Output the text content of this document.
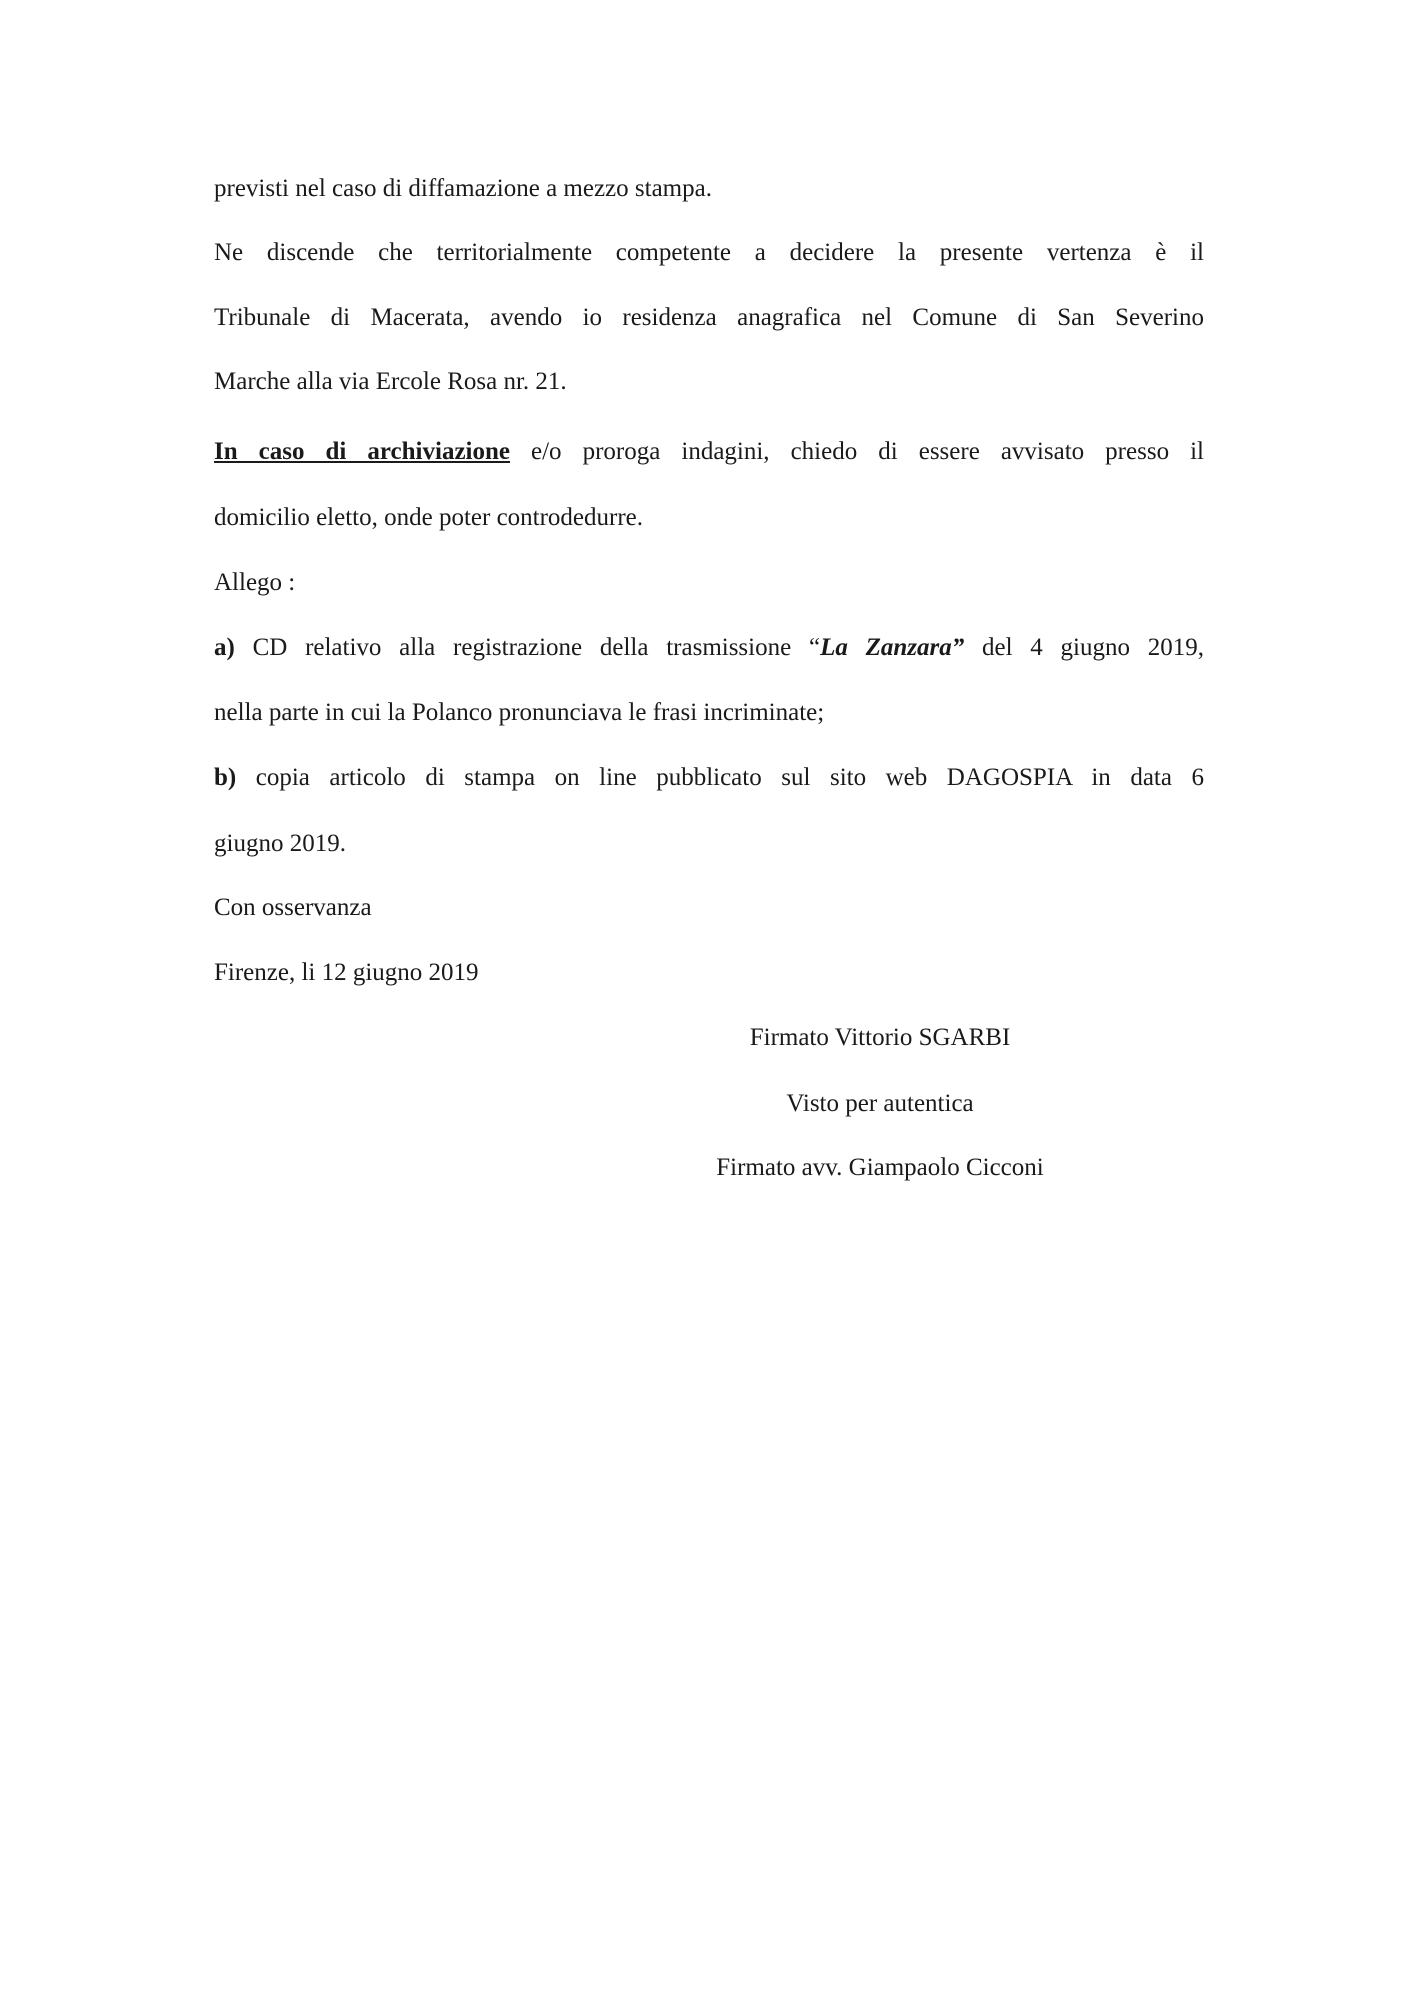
previsti nel caso di diffamazione a mezzo stampa.
Ne discende che territorialmente competente a decidere la presente vertenza è il
Tribunale di Macerata, avendo io residenza anagrafica nel Comune di San Severino
Marche alla via Ercole Rosa nr. 21.
In caso di archiviazione e/o proroga indagini, chiedo di essere avvisato presso il
domicilio eletto, onde poter controdedurre.
Allego :
a) CD relativo alla registrazione della trasmissione “La Zanzara” del 4 giugno 2019,
nella parte in cui la Polanco pronunciava le frasi incriminate;
b) copia articolo di stampa on line pubblicato sul sito web DAGOSPIA in data 6
giugno 2019.
Con osservanza
Firenze, li 12 giugno 2019
Firmato Vittorio SGARBI
Visto per autentica
Firmato avv. Giampaolo Cicconi
